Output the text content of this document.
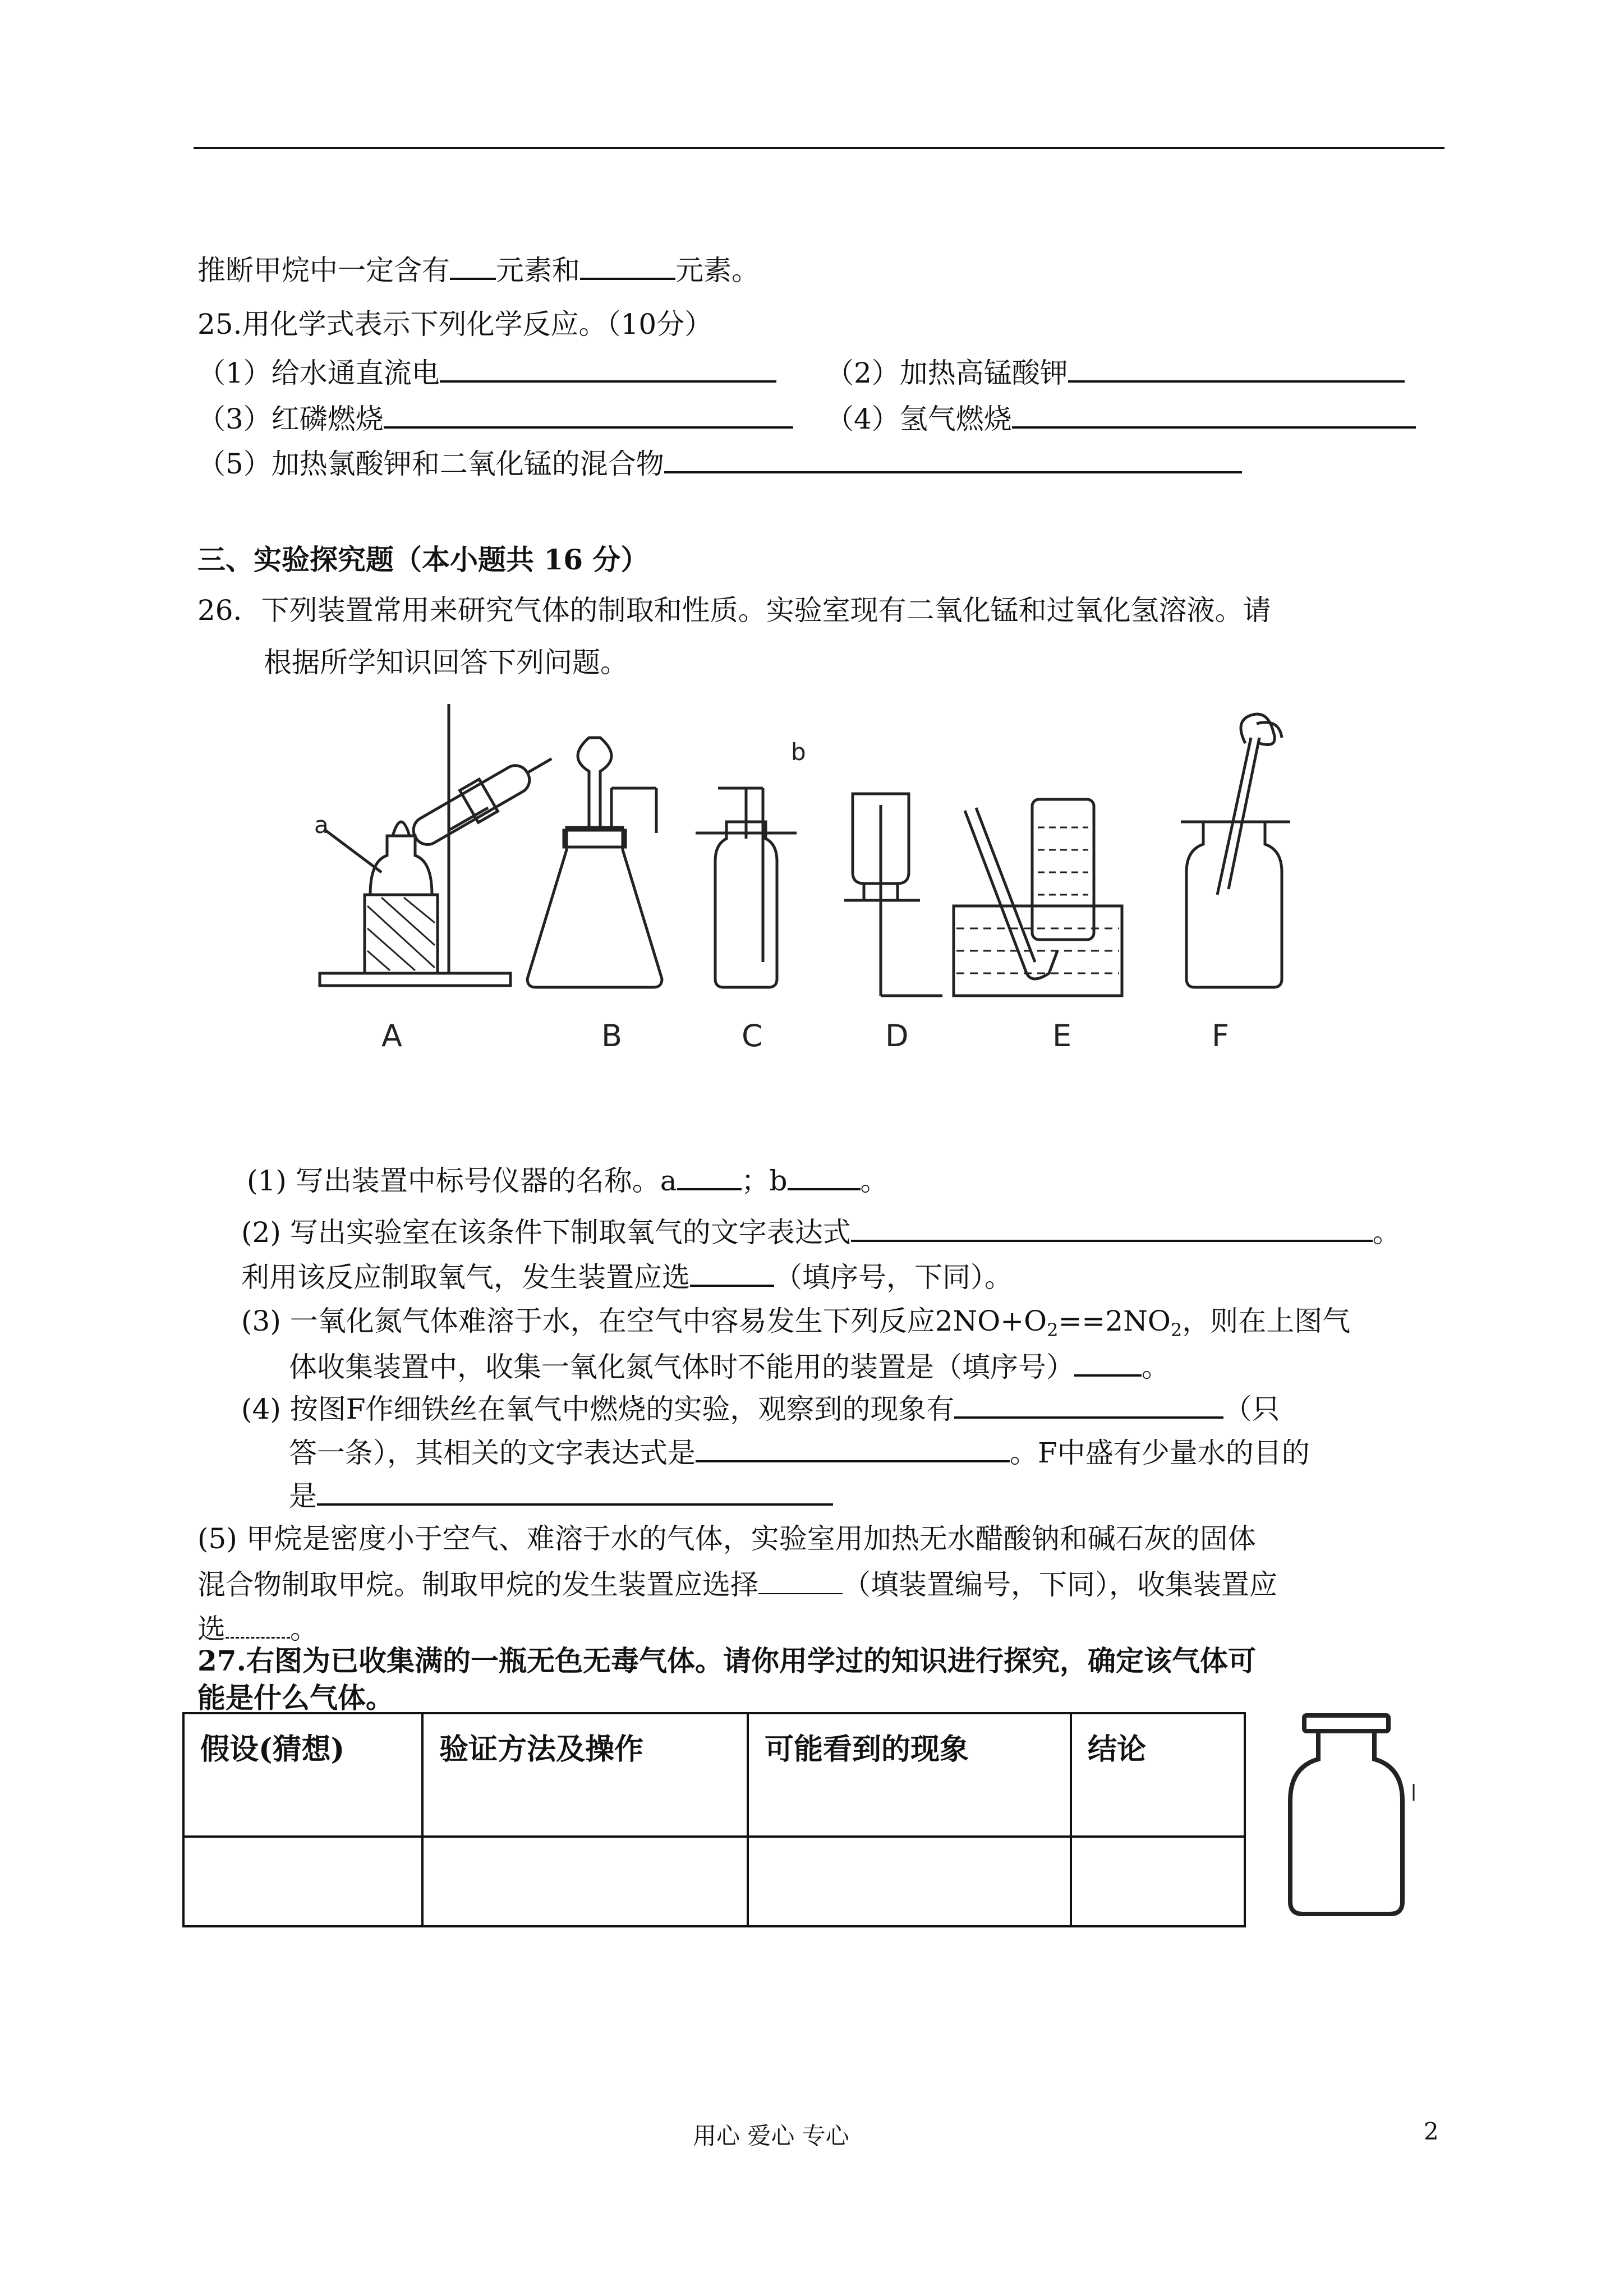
推断甲烷中一定含有 元素和	元素。
25.用化学式表示下列化学反应。（10分）
（1）给水通直流电	（2）加热高锰酸钾
（3）红磷燃烧	（4）氢气燃烧
（5）加热氯酸钾和二氧化锰的混合物
三、实验探究题（本小题共 16 分）
26．下列装置常用来研究气体的制取和性质。实验室现有二氧化锰和过氧化氢溶液。请
根据所学知识回答下列问题。
a
b
A	B	C	D	E	F
(1) 写出装置中标号仪器的名称。a ；b	。
(2) 写出实验室在该条件下制取氧气的文字表达式	。
利用该反应制取氧气，发生装置应选	（填序号，下同）。
(3) 一氧化氮气体难溶于水，在空气中容易发生下列反应$2NO+O_2==2NO_2$，则在上图气
体收集装置中，收集一氧化氮气体时不能用的装置是（填序号） 。
(4) 按图F作细铁丝在氧气中燃烧的实验，观察到的现象有	（只
答一条），其相关的文字表达式是	。F中盛有少量水的目的
是
(5) 甲烷是密度小于空气、难溶于水的气体，实验室用加热无水醋酸钠和碱石灰的固体
混合物制取甲烷。制取甲烷的发生装置应选择	（填装置编号，下同），收集装置应
选 。
27.右图为已收集满的一瓶无色无毒气体。请你用学过的知识进行探究，确定该气体可
能是什么气体。
假设(猜想)	验证方法及操作	可能看到的现象	结论

用心 爱心 专心	2
